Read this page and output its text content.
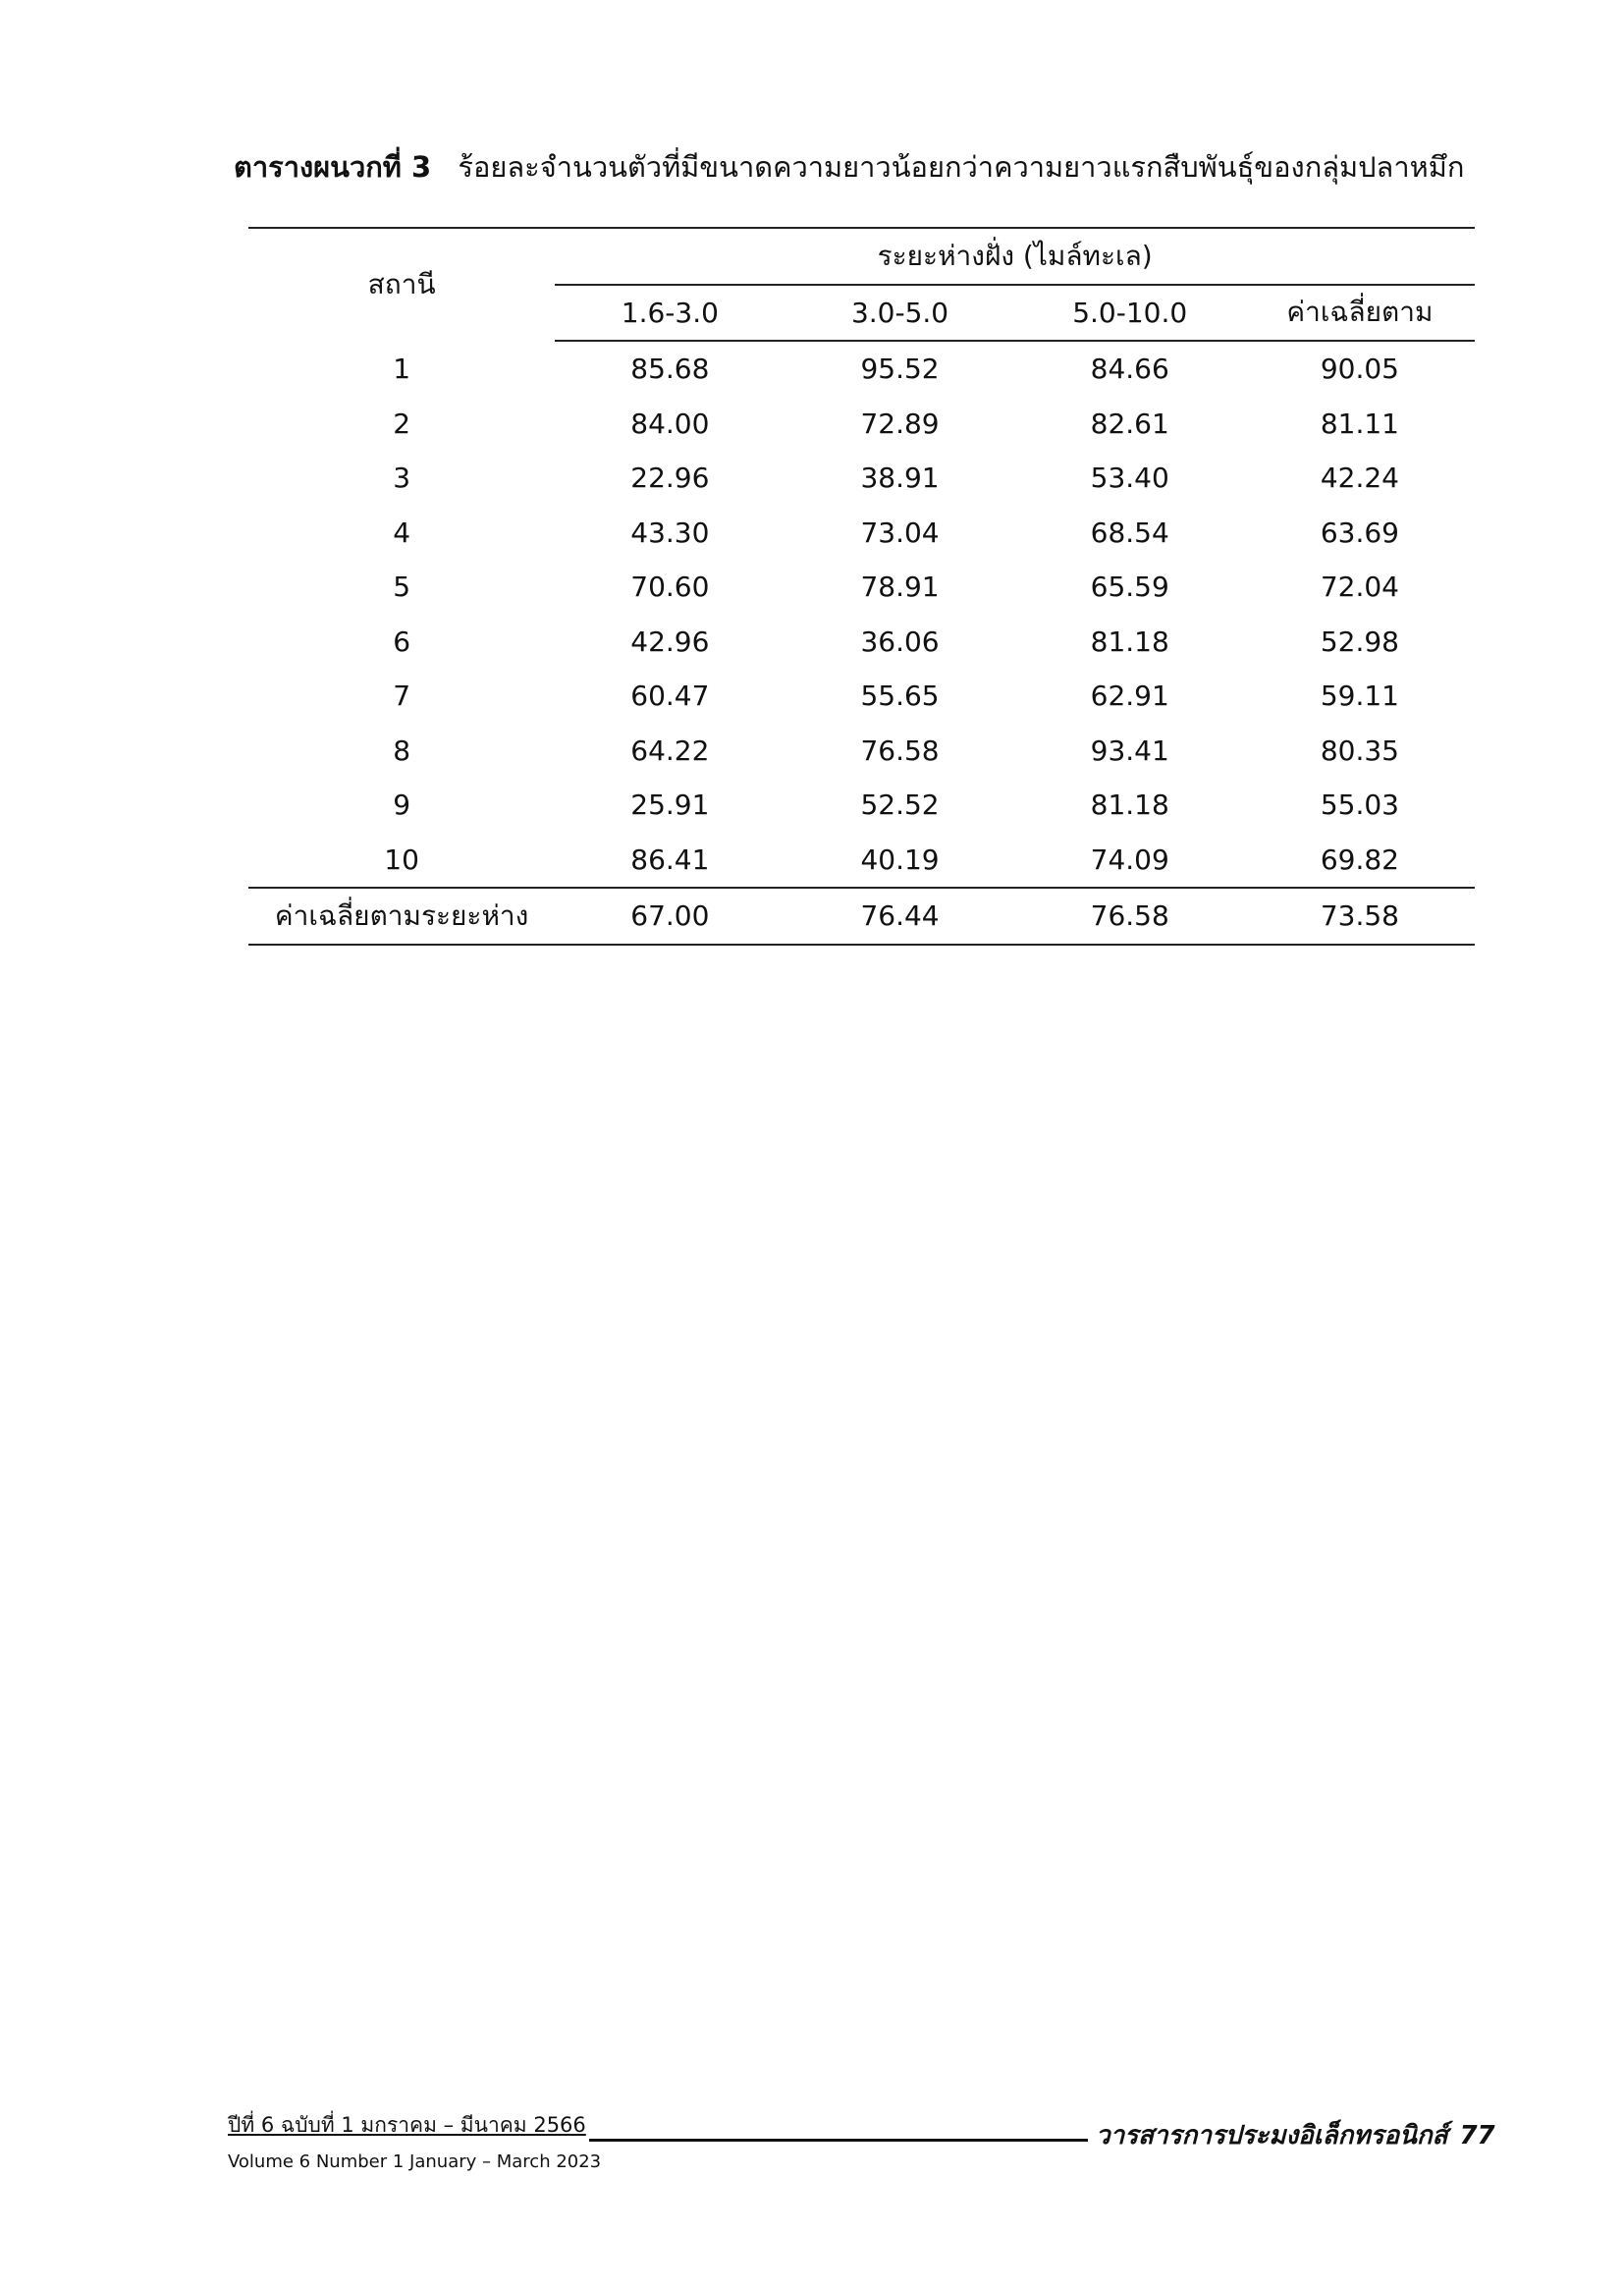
ตารางผนวกที่ 3 ร้อยละจำนวนตัวที่มีขนาดความยาวน้อยกว่าความยาวแรกสืบพันธุ์ของกลุ่มปลาหมึก
สถานี	ระยะห่างฝั่ง (ไมล์ทะเล)			
	1.6-3.0	3.0-5.0	5.0-10.0	ค่าเฉลี่ยตาม
1	85.68	95.52	84.66	90.05
2	84.00	72.89	82.61	81.11
3	22.96	38.91	53.40	42.24
4	43.30	73.04	68.54	63.69
5	70.60	78.91	65.59	72.04
6	42.96	36.06	81.18	52.98
7	60.47	55.65	62.91	59.11
8	64.22	76.58	93.41	80.35
9	25.91	52.52	81.18	55.03
10	86.41	40.19	74.09	69.82
ค่าเฉลี่ยตามระยะห่าง	67.00	76.44	76.58	73.58
ปีที่ 6 ฉบับที่ 1 มกราคม – มีนาคม 2566	วารสารการประมงอิเล็กทรอนิกส์ 77
Volume 6 Number 1 January – March 2023
